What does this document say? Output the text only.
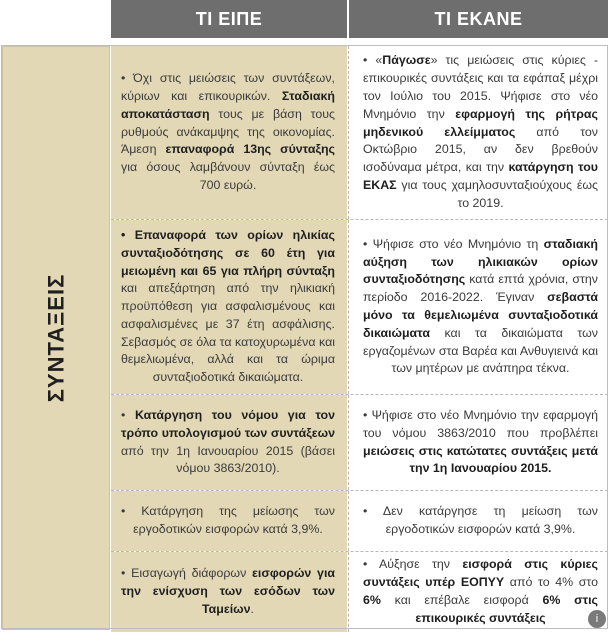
ΤΙ ΕΙΠΕ	ΤΙ ΕΚΑΝΕ
ΣΥΝΤΑΞΕΙΣ

• Όχι στις μειώσεις των συντάξεων, κύριων και επικουρικών. Σταδιακή αποκατάσταση τους με βάση τους ρυθμούς ανάκαμψης της οικονομίας. Άμεση επαναφορά 13ης σύνταξης για όσους λαμβάνουν σύνταξη έως 700 ευρώ.

• «Πάγωσε» τις μειώσεις στις κύριες - επικουρικές συντάξεις και τα εφάπαξ μέχρι τον Ιούλιο του 2015. Ψήφισε στο νέο Μνημόνιο την εφαρμογή της ρήτρας μηδενικού ελλείμματος από τον Οκτώβριο 2015, αν δεν βρεθούν ισοδύναμα μέτρα, και την κατάργηση του ΕΚΑΣ για τους χαμηλοσυνταξιούχους έως το 2019.

• Επαναφορά των ορίων ηλικίας συνταξιοδότησης σε 60 έτη για μειωμένη και 65 για πλήρη σύνταξη και απεξάρτηση από την ηλικιακή προϋπόθεση για ασφαλισμένους και ασφαλισμένες με 37 έτη ασφάλισης. Σεβασμός σε όλα τα κατοχυρωμένα και θεμελιωμένα, αλλά και τα ώριμα συνταξιοδοτικά δικαιώματα.

• Ψήφισε στο νέο Μνημόνιο τη σταδιακή αύξηση των ηλικιακών ορίων συνταξιοδότησης κατά επτά χρόνια, στην περίοδο 2016-2022. Έγιναν σεβαστά μόνο τα θεμελιωμένα συνταξιοδοτικά δικαιώματα και τα δικαιώματα των εργαζομένων στα Βαρέα και Ανθυγιεινά και των μητέρων με ανάπηρα τέκνα.

• Κατάργηση του νόμου για τον τρόπο υπολογισμού των συντάξεων από την 1η Ιανουαρίου 2015 (βάσει νόμου 3863/2010).

• Ψήφισε στο νέο Μνημόνιο την εφαρμογή του νόμου 3863/2010 που προβλέπει μειώσεις στις κατώτατες συντάξεις μετά την 1η Ιανουαρίου 2015.

• Κατάργηση της μείωσης των εργοδοτικών εισφορών κατά 3,9%.

• Δεν κατάργησε τη μείωση των εργοδοτικών εισφορών κατά 3,9%.

• Εισαγωγή διάφορων εισφορών για την ενίσχυση των εσόδων των Ταμείων.

• Αύξησε την εισφορά στις κύριες συντάξεις υπέρ ΕΟΠΥΥ από το 4% στο 6% και επέβαλε εισφορά 6% στις επικουρικές συντάξεις	i
